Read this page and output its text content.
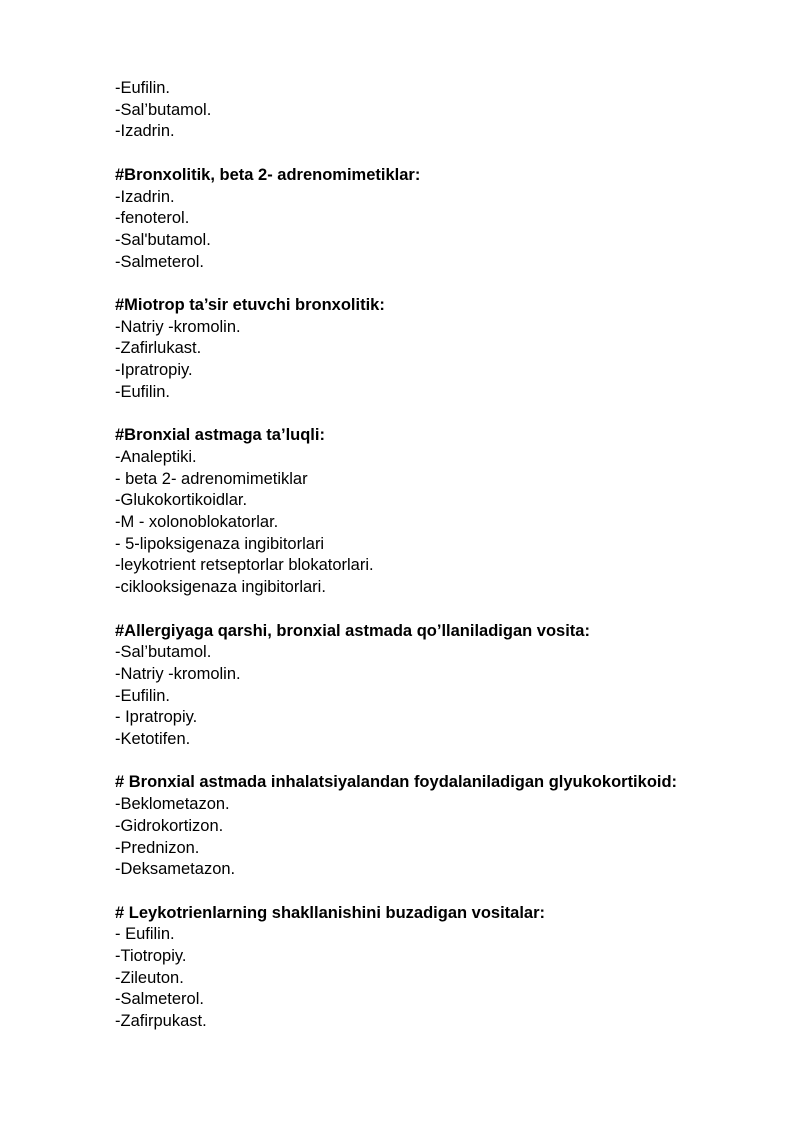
-Eufilin.
-Sal’butamol.
-Izadrin.
#Bronxolitik, beta 2- adrenomimetiklar:
-Izadrin.
-fenoterol.
-Sal'butamol.
-Salmeterol.
#Miotrop ta’sir etuvchi bronxolitik:
-Natriy -kromolin.
-Zafirlukast.
-Ipratropiy.
-Eufilin.
#Bronxial astmaga ta’luqli:
-Analeptiki.
- beta 2- adrenomimetiklar
-Glukokortikoidlar.
-M - xolonoblokatorlar.
- 5-lipoksigenaza ingibitorlari
-leykotrient retseptorlar blokatorlari.
-ciklooksigenaza ingibitorlari.
#Allergiyaga qarshi, bronxial astmada qo’llaniladigan vosita:
-Sal’butamol.
-Natriy -kromolin.
-Eufilin.
- Ipratropiy.
-Ketotifen.
# Bronxial astmada inhalatsiyalandan foydalaniladigan glyukokortikoid:
-Beklometazon.
-Gidrokortizon.
-Prednizon.
-Deksametazon.
# Leykotrienlarning shakllanishini buzadigan vositalar:
- Eufilin.
-Tiotropiy.
-Zileuton.
-Salmeterol.
-Zafirpukast.
